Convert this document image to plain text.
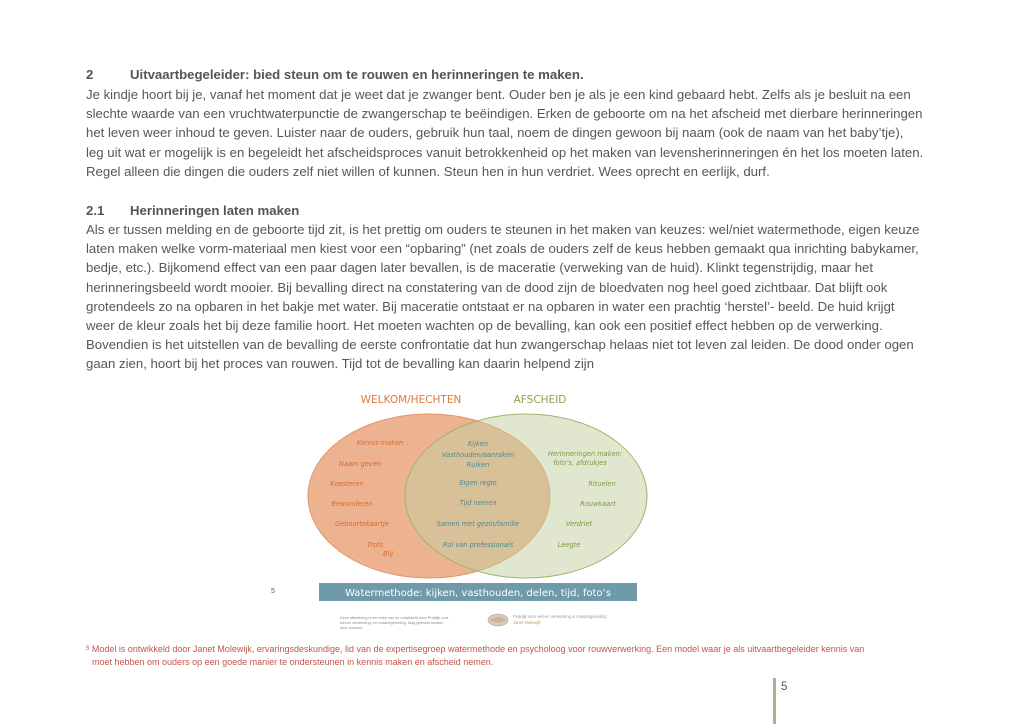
2	Uitvaartbegeleider: bied steun om te rouwen en herinneringen te maken.
Je kindje hoort bij je, vanaf het moment dat je weet dat je zwanger bent. Ouder ben je als je een kind gebaard hebt. Zelfs als je besluit na een
slechte waarde van een vruchtwaterpunctie de zwangerschap te beëindigen. Erken de geboorte om na het afscheid met dierbare herinneringen
het leven weer inhoud te geven. Luister naar de ouders, gebruik hun taal, noem de dingen gewoon bij naam (ook de naam van het baby’tje),
leg uit wat er mogelijk is en begeleidt het afscheidsproces vanuit betrokkenheid op het maken van levensherinneringen én het los moeten laten.
Regel alleen die dingen die ouders zelf niet willen of kunnen. Steun hen in hun verdriet. Wees oprecht en eerlijk, durf.
2.1 Herinneringen laten maken
Als er tussen melding en de geboorte tijd zit, is het prettig om ouders te steunen in het maken van keuzes: wel/niet watermethode, eigen keuze
laten maken welke vorm-materiaal men kiest voor een “opbaring” (net zoals de ouders zelf de keus hebben gemaakt qua inrichting babykamer,
bedje, etc.). Bijkomend effect van een paar dagen later bevallen, is de maceratie (verweking van de huid). Klinkt tegenstrijdig, maar het
herinneringsbeeld wordt mooier. Bij bevalling direct na constatering van de dood zijn de bloedvaten nog heel goed zichtbaar. Dat blijft ook
grotendeels zo na opbaren in het bakje met water. Bij maceratie ontstaat er na opbaren in water een prachtig ‘herstel’- beeld. De huid krijgt
weer de kleur zoals het bij deze familie hoort. Het moeten wachten op de bevalling, kan ook een positief effect hebben op de verwerking.
Bovendien is het uitstellen van de bevalling de eerste confrontatie dat hun zwangerschap helaas niet tot leven zal leiden. De dood onder ogen
gaan zien, hoort bij het proces van rouwen. Tijd tot de bevalling kan daarin helpend zijn
WELKOM/HECHTEN	AFSCHEID
Kennis maken
Naam geven
Koesteren
Bewonderen
Geboortekaartje
Trots
Blij
Kijken
Vasthouden/aanraken
Ruiken
Eigen regie
Tijd nemen
Samen met gezin/familie
Rol van professionals
Herinneringen maken:
foto’s, afdrukjes
Rituelen
Rouwkaart
Verdriet
Leegte
5	Watermethode: kijken, vasthouden, delen, tijd, foto’s
Deze afbeelding is een idee van en ontwikkeld door Praktijk voor
wel-en verwerking- en rouwbegeleiding. Mag gebruikt worden
door mensen.
Praktijk voor wel-en verwerking & rouwbegeleiding
Janet Molewijk
$^5$ Model is ontwikkeld door Janet Molewijk, ervaringsdeskundige, lid van de expertisegroep watermethode en psycholoog voor rouwverwerking. Een model waar je als uitvaartbegeleider kennis van
moet hebben om ouders op een goede manier te ondersteunen in kennis maken en afscheid nemen.
5
